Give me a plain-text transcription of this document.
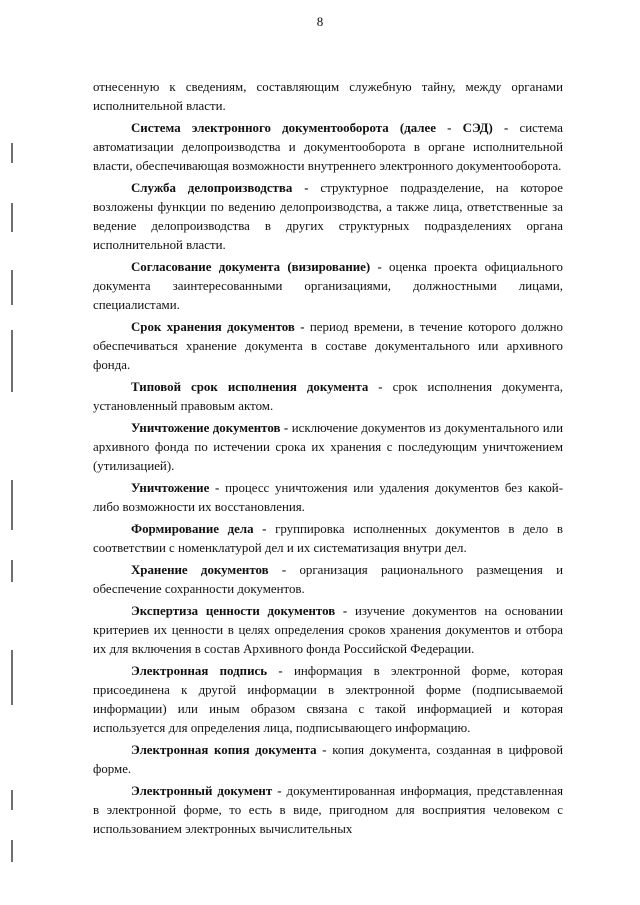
8

отнесенную к сведениям, составляющим служебную тайну, между органами исполнительной власти.

Система электронного документооборота (далее - СЭД) - система автоматизации делопроизводства и документооборота в органе исполнительной власти, обеспечивающая возможности внутреннего электронного документооборота.

Служба делопроизводства - структурное подразделение, на которое возложены функции по ведению делопроизводства, а также лица, ответственные за ведение делопроизводства в других структурных подразделениях органа исполнительной власти.

Согласование документа (визирование) - оценка проекта официального документа заинтересованными организациями, должностными лицами, специалистами.

Срок хранения документов - период времени, в течение которого должно обеспечиваться хранение документа в составе документального или архивного фонда.

Типовой срок исполнения документа - срок исполнения документа, установленный правовым актом.

Уничтожение документов - исключение документов из документального или архивного фонда по истечении срока их хранения с последующим уничтожением (утилизацией).

Уничтожение - процесс уничтожения или удаления документов без какой-либо возможности их восстановления.

Формирование дела - группировка исполненных документов в дело в соответствии с номенклатурой дел и их систематизация внутри дел.

Хранение документов - организация рационального размещения и обеспечение сохранности документов.

Экспертиза ценности документов - изучение документов на основании критериев их ценности в целях определения сроков хранения документов и отбора их для включения в состав Архивного фонда Российской Федерации.

Электронная подпись - информация в электронной форме, которая присоединена к другой информации в электронной форме (подписываемой информации) или иным образом связана с такой информацией и которая используется для определения лица, подписывающего информацию.

Электронная копия документа - копия документа, созданная в цифровой форме.

Электронный документ - документированная информация, представленная в электронной форме, то есть в виде, пригодном для восприятия человеком с использованием электронных вычислительных
